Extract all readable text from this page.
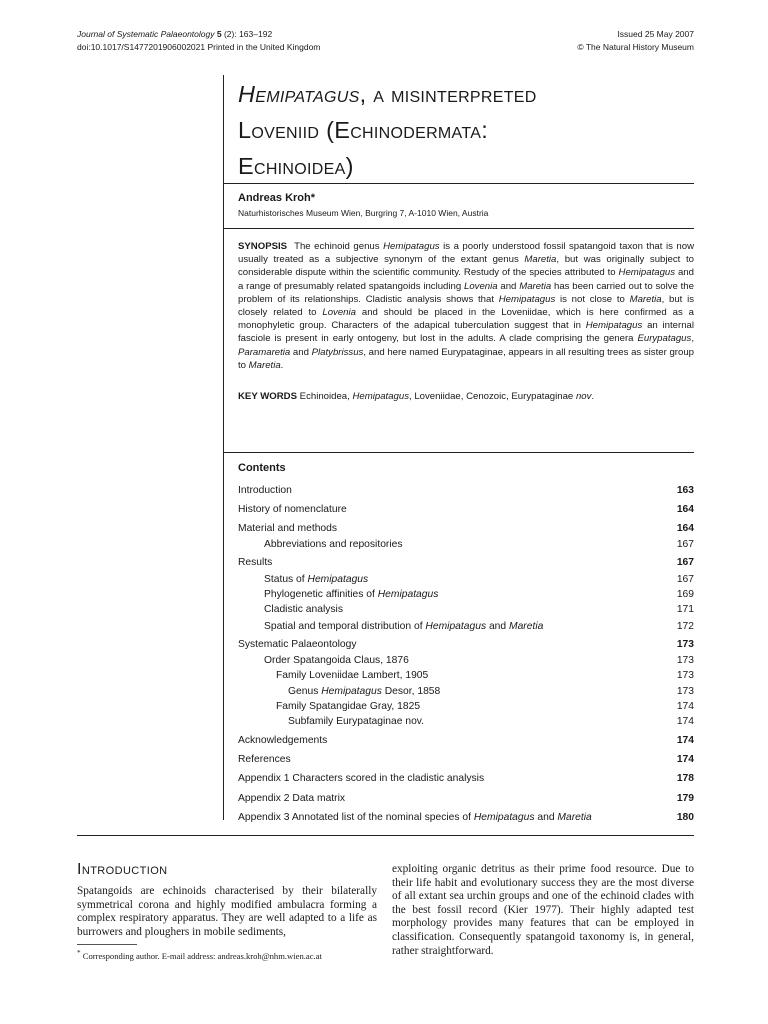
Journal of Systematic Palaeontology 5 (2): 163–192
doi:10.1017/S1477201906002021 Printed in the United Kingdom
Issued 25 May 2007
© The Natural History Museum
Hemipatagus, a misinterpreted
Loveniid (Echinodermata:
Echinoidea)
Andreas Kroh*
Naturhistorisches Museum Wien, Burgring 7, A-1010 Wien, Austria
SYNOPSIS The echinoid genus Hemipatagus is a poorly understood fossil spatangoid taxon that is now usually treated as a subjective synonym of the extant genus Maretia, but was originally subject to considerable dispute within the scientific community. Restudy of the species attributed to Hemipatagus and a range of presumably related spatangoids including Lovenia and Maretia has been carried out to solve the problem of its relationships. Cladistic analysis shows that Hemipatagus is not close to Maretia, but is closely related to Lovenia and should be placed in the Loveniidae, which is here confirmed as a monophyletic group. Characters of the adapical tuberculation suggest that in Hemipatagus an internal fasciole is present in early ontogeny, but lost in the adults. A clade comprising the genera Eurypatagus, Paramaretia and Platybrissus, and here named Eurypataginae, appears in all resulting trees as sister group to Maretia.
KEY WORDS Echinoidea, Hemipatagus, Loveniidae, Cenozoic, Eurypataginae nov.
Contents
Introduction	163
History of nomenclature	164
Material and methods	164
Abbreviations and repositories	167
Results	167
Status of Hemipatagus	167
Phylogenetic affinities of Hemipatagus	169
Cladistic analysis	171
Spatial and temporal distribution of Hemipatagus and Maretia	172
Systematic Palaeontology	173
Order Spatangoida Claus, 1876	173
Family Loveniidae Lambert, 1905	173
Genus Hemipatagus Desor, 1858	173
Family Spatangidae Gray, 1825	174
Subfamily Eurypataginae nov.	174
Acknowledgements	174
References	174
Appendix 1 Characters scored in the cladistic analysis	178
Appendix 2 Data matrix	179
Appendix 3 Annotated list of the nominal species of Hemipatagus and Maretia	180
Introduction
Spatangoids are echinoids characterised by their bilaterally symmetrical corona and highly modified ambulacra forming a complex respiratory apparatus. They are well adapted to a life as burrowers and ploughers in mobile sediments,
exploiting organic detritus as their prime food resource. Due to their life habit and evolutionary success they are the most diverse of all extant sea urchin groups and one of the echinoid clades with the best fossil record (Kier 1977). Their highly adapted test morphology provides many features that can be employed in classification. Consequently spatangoid taxonomy is, in general, rather straightforward.
* Corresponding author. E-mail address: andreas.kroh@nhm.wien.ac.at
